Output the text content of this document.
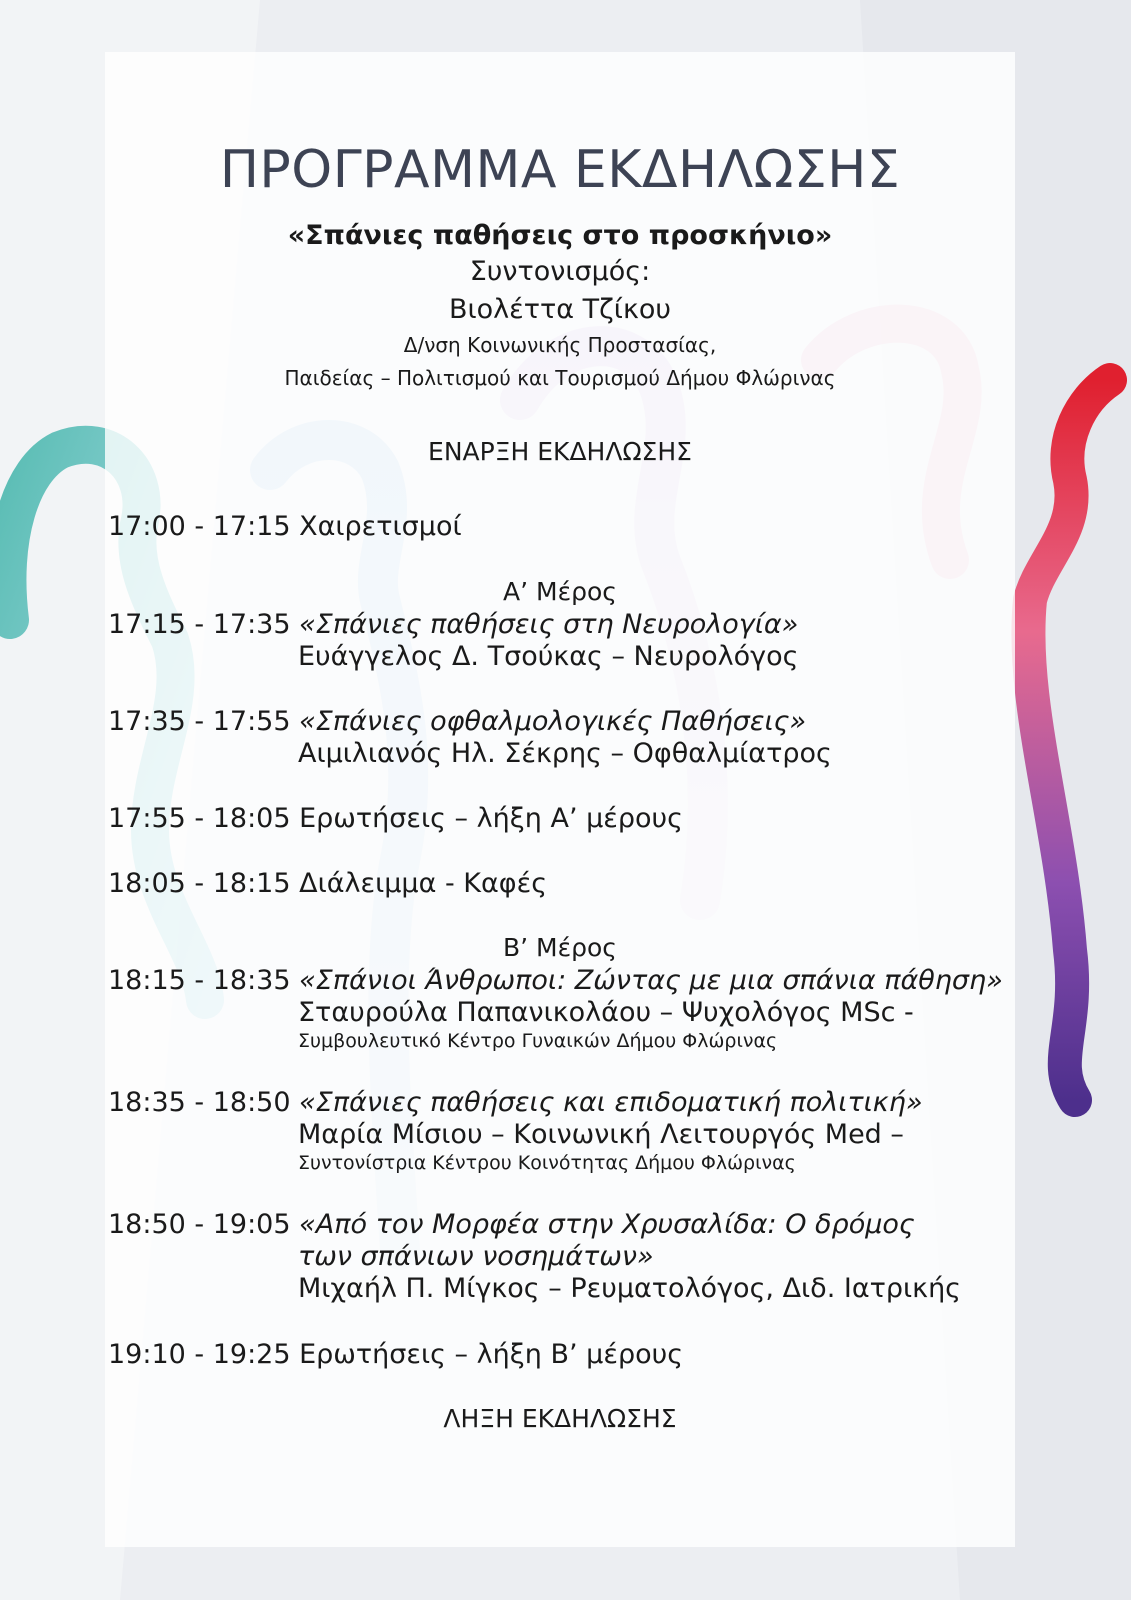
ΠΡΟΓΡΑΜΜΑ ΕΚΔΗΛΩΣΗΣ
«Σπάνιες παθήσεις στο προσκήνιο»
Συντονισμός:
Βιολέττα Τζίκου
Δ/νση Κοινωνικής Προστασίας,
Παιδείας – Πολιτισμού και Τουρισμού Δήμου Φλώρινας
ΕΝΑΡΞΗ ΕΚΔΗΛΩΣΗΣ
17:00 - 17:15 Χαιρετισμοί
Α’ Μέρος
17:15 - 17:35 «Σπάνιες παθήσεις στη Νευρολογία»
Ευάγγελος Δ. Τσούκας – Νευρολόγος
17:35 - 17:55 «Σπάνιες οφθαλμολογικές Παθήσεις»
Αιμιλιανός Ηλ. Σέκρης – Οφθαλμίατρος
17:55 - 18:05 Ερωτήσεις – λήξη Α’ μέρους
18:05 - 18:15 Διάλειμμα - Καφές
Β’ Μέρος
18:15 - 18:35 «Σπάνιοι Άνθρωποι: Ζώντας με μια σπάνια πάθηση»
Σταυρούλα Παπανικολάου – Ψυχολόγος MSc -
Συμβουλευτικό Κέντρο Γυναικών Δήμου Φλώρινας
18:35 - 18:50 «Σπάνιες παθήσεις και επιδοματική πολιτική»
Μαρία Μίσιου – Κοινωνική Λειτουργός Med –
Συντονίστρια Κέντρου Κοινότητας Δήμου Φλώρινας
18:50 - 19:05 «Από τον Μορφέα στην Χρυσαλίδα: Ο δρόμος
των σπάνιων νοσημάτων»
Μιχαήλ Π. Μίγκος – Ρευματολόγος, Διδ. Ιατρικής
19:10 - 19:25 Ερωτήσεις – λήξη Β’ μέρους
ΛΗΞΗ ΕΚΔΗΛΩΣΗΣ
